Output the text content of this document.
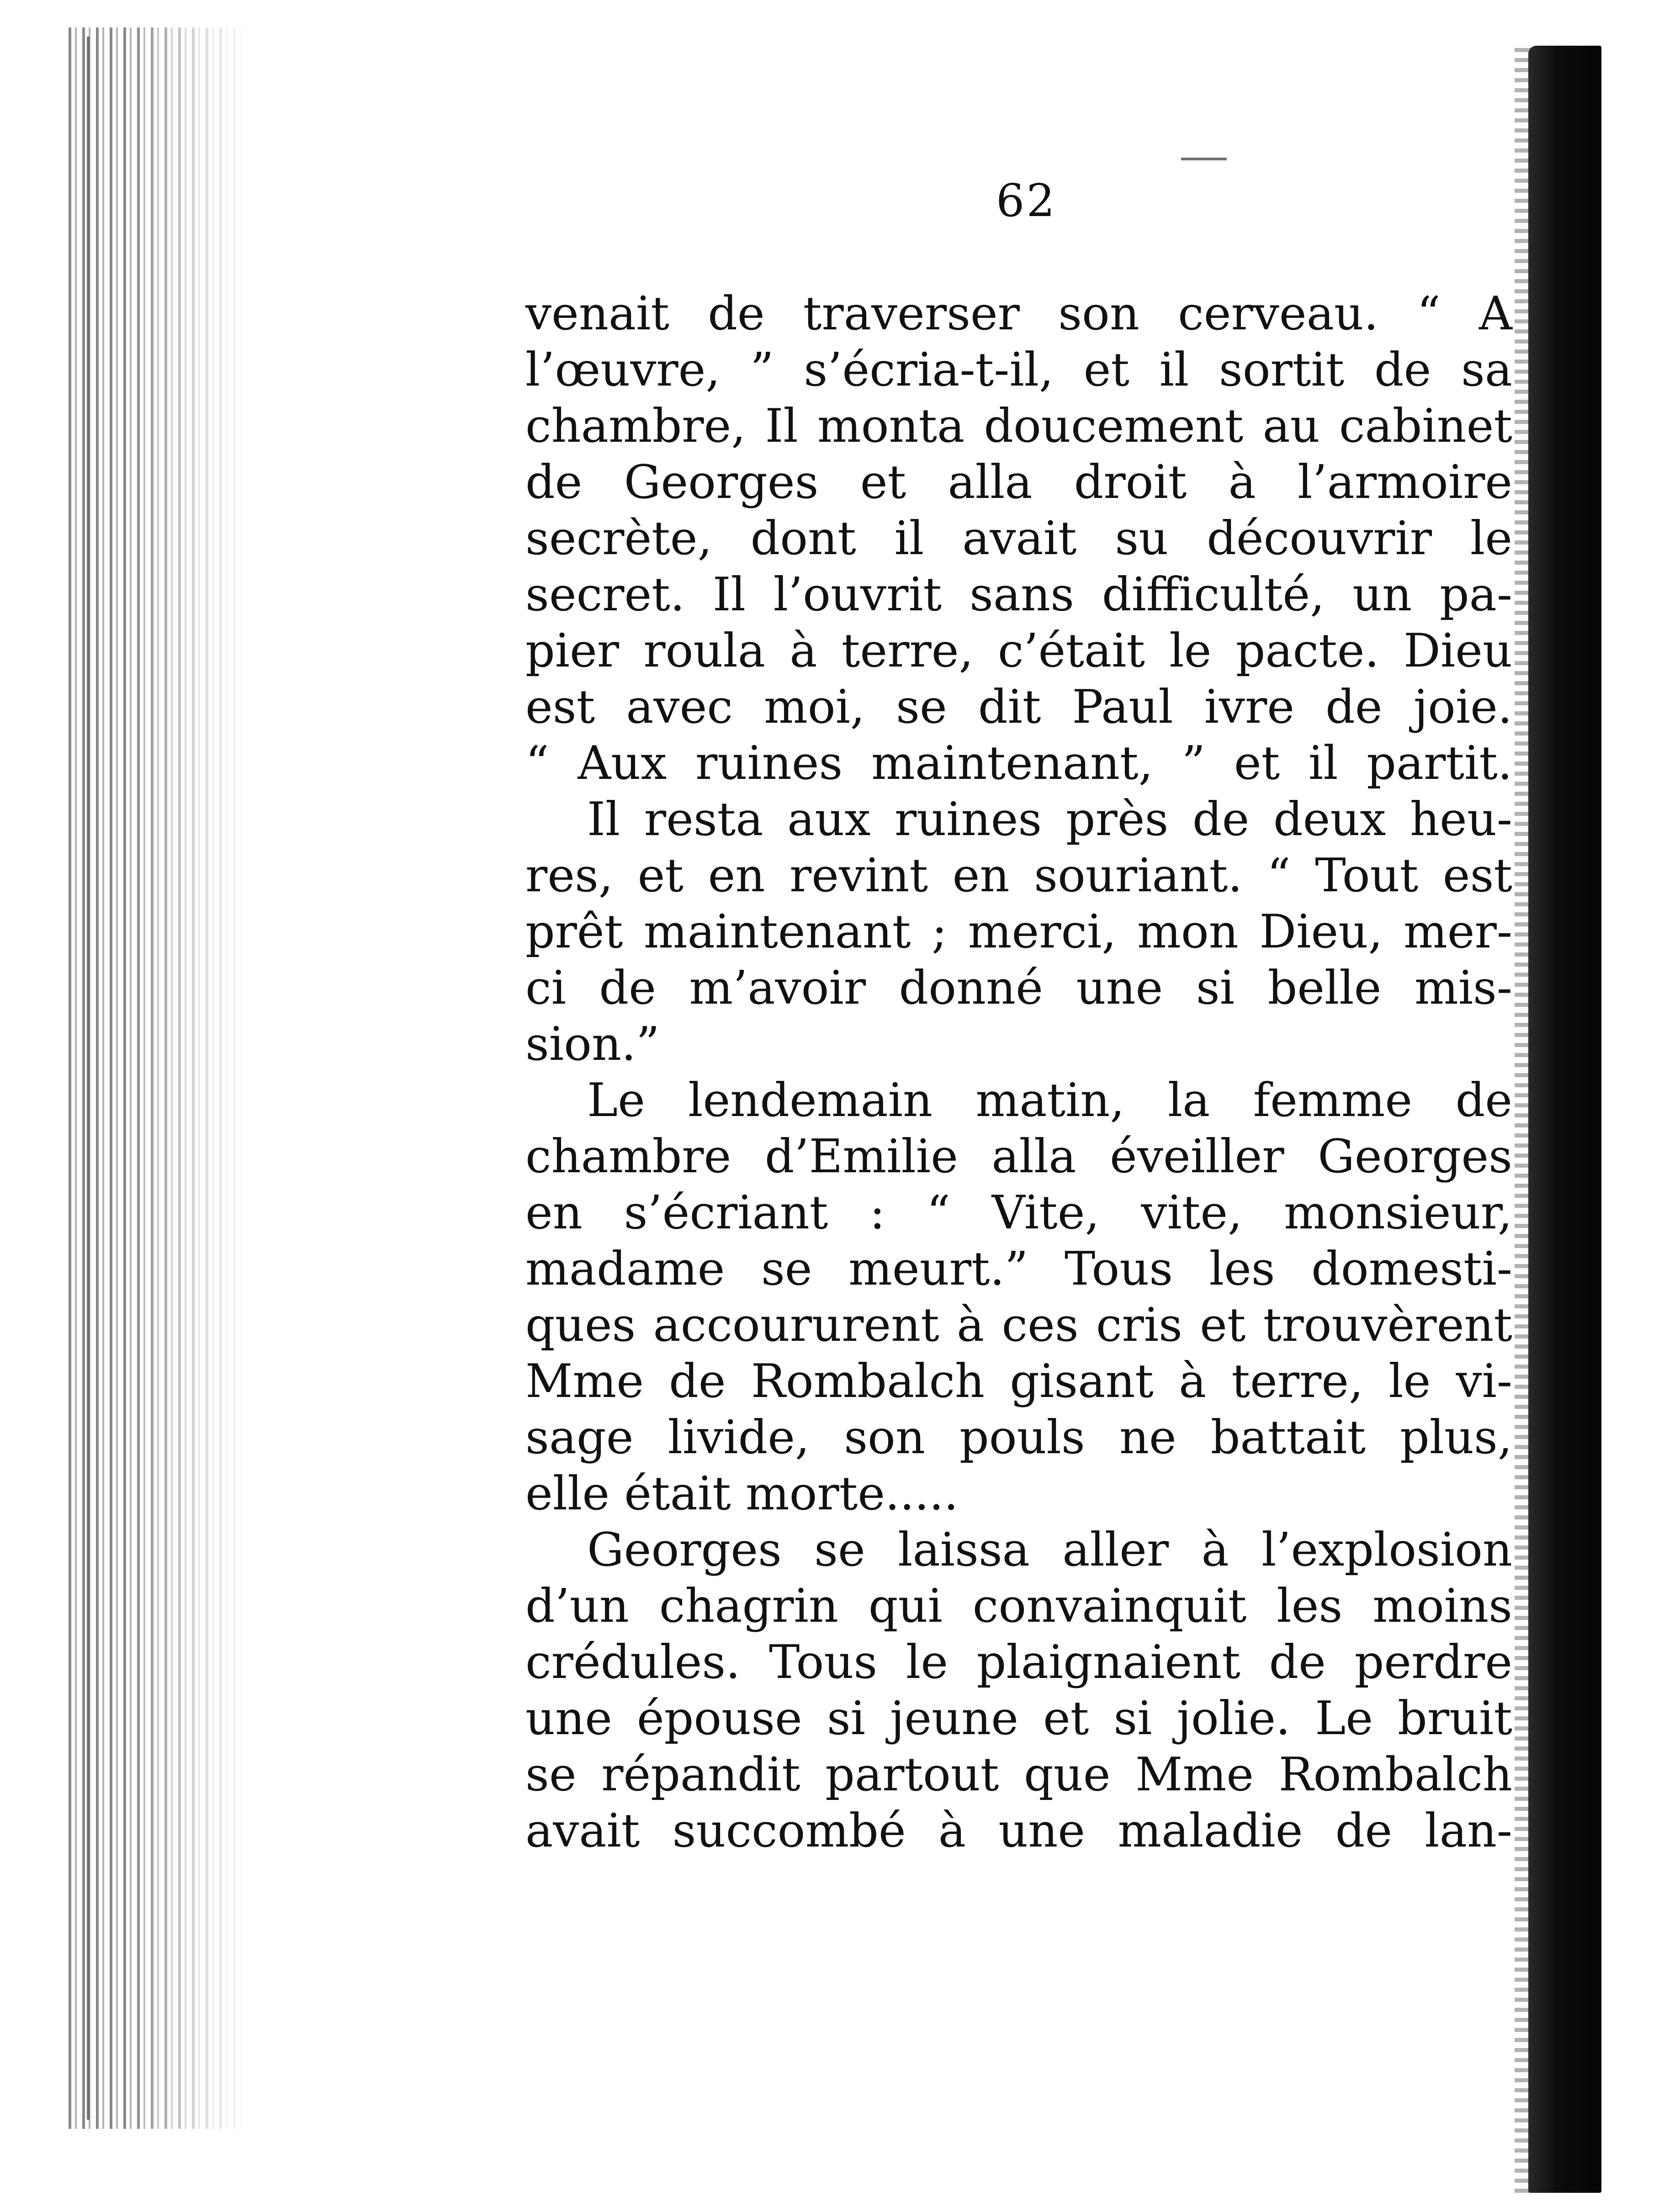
62
venait de traverser son cerveau. “ A
l’œuvre, ” s’écria-t-il, et il sortit de sa
chambre, Il monta doucement au cabinet
de Georges et alla droit à l’armoire
secrète, dont il avait su découvrir le
secret. Il l’ouvrit sans difficulté, un pa-
pier roula à terre, c’était le pacte. Dieu
est avec moi, se dit Paul ivre de joie.
“ Aux ruines maintenant, ” et il partit.
Il resta aux ruines près de deux heu-
res, et en revint en souriant. “ Tout est
prêt maintenant ; merci, mon Dieu, mer-
ci de m’avoir donné une si belle mis-
sion.”
Le lendemain matin, la femme de
chambre d’Emilie alla éveiller Georges
en s’écriant : “ Vite, vite, monsieur,
madame se meurt.” Tous les domesti-
ques accoururent à ces cris et trouvèrent
Mme de Rombalch gisant à terre, le vi-
sage livide, son pouls ne battait plus,
elle était morte.....
Georges se laissa aller à l’explosion
d’un chagrin qui convainquit les moins
crédules. Tous le plaignaient de perdre
une épouse si jeune et si jolie. Le bruit
se répandit partout que Mme Rombalch
avait succombé à une maladie de lan-
